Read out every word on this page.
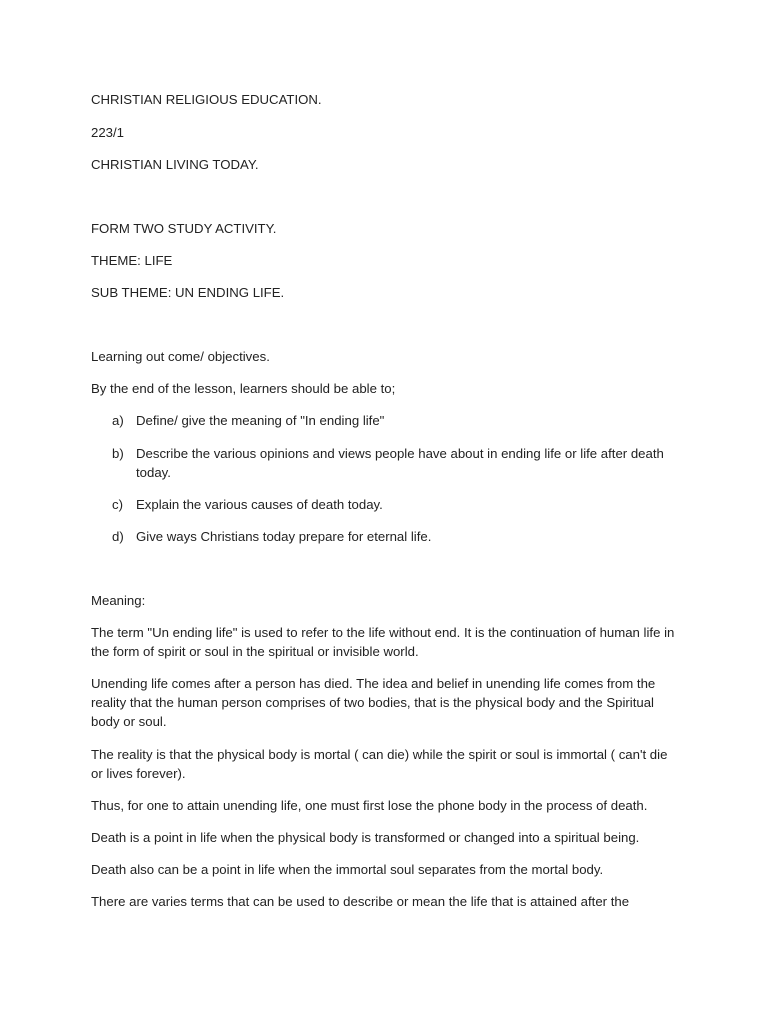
CHRISTIAN RELIGIOUS EDUCATION.

223/1

CHRISTIAN LIVING TODAY.

FORM TWO STUDY ACTIVITY.

THEME: LIFE

SUB THEME: UN ENDING LIFE.

Learning out come/ objectives.

By the end of the lesson, learners should be able to;

a) Define/ give the meaning of "In ending life"
b) Describe the various opinions and views people have about in ending life or life after death today.
c) Explain the various causes of death today.
d) Give ways Christians today prepare for eternal life.

Meaning:

The term "Un ending life" is used to refer to the life without end. It is the continuation of human life in the form of spirit or soul in the spiritual or invisible world.

Unending life comes after a person has died. The idea and belief in unending life comes from the reality that the human person comprises of two bodies, that is the physical body and the Spiritual body or soul.

The reality is that the physical body is mortal ( can die) while the spirit or soul is immortal ( can't die or lives forever).

Thus, for one to attain unending life, one must first lose the phone body in the process of death.

Death is a point in life when the physical body is transformed or changed into a spiritual being.

Death also can be a point in life when the immortal soul separates from the mortal body.

There are varies terms that can be used to describe or mean the life that is attained after the
